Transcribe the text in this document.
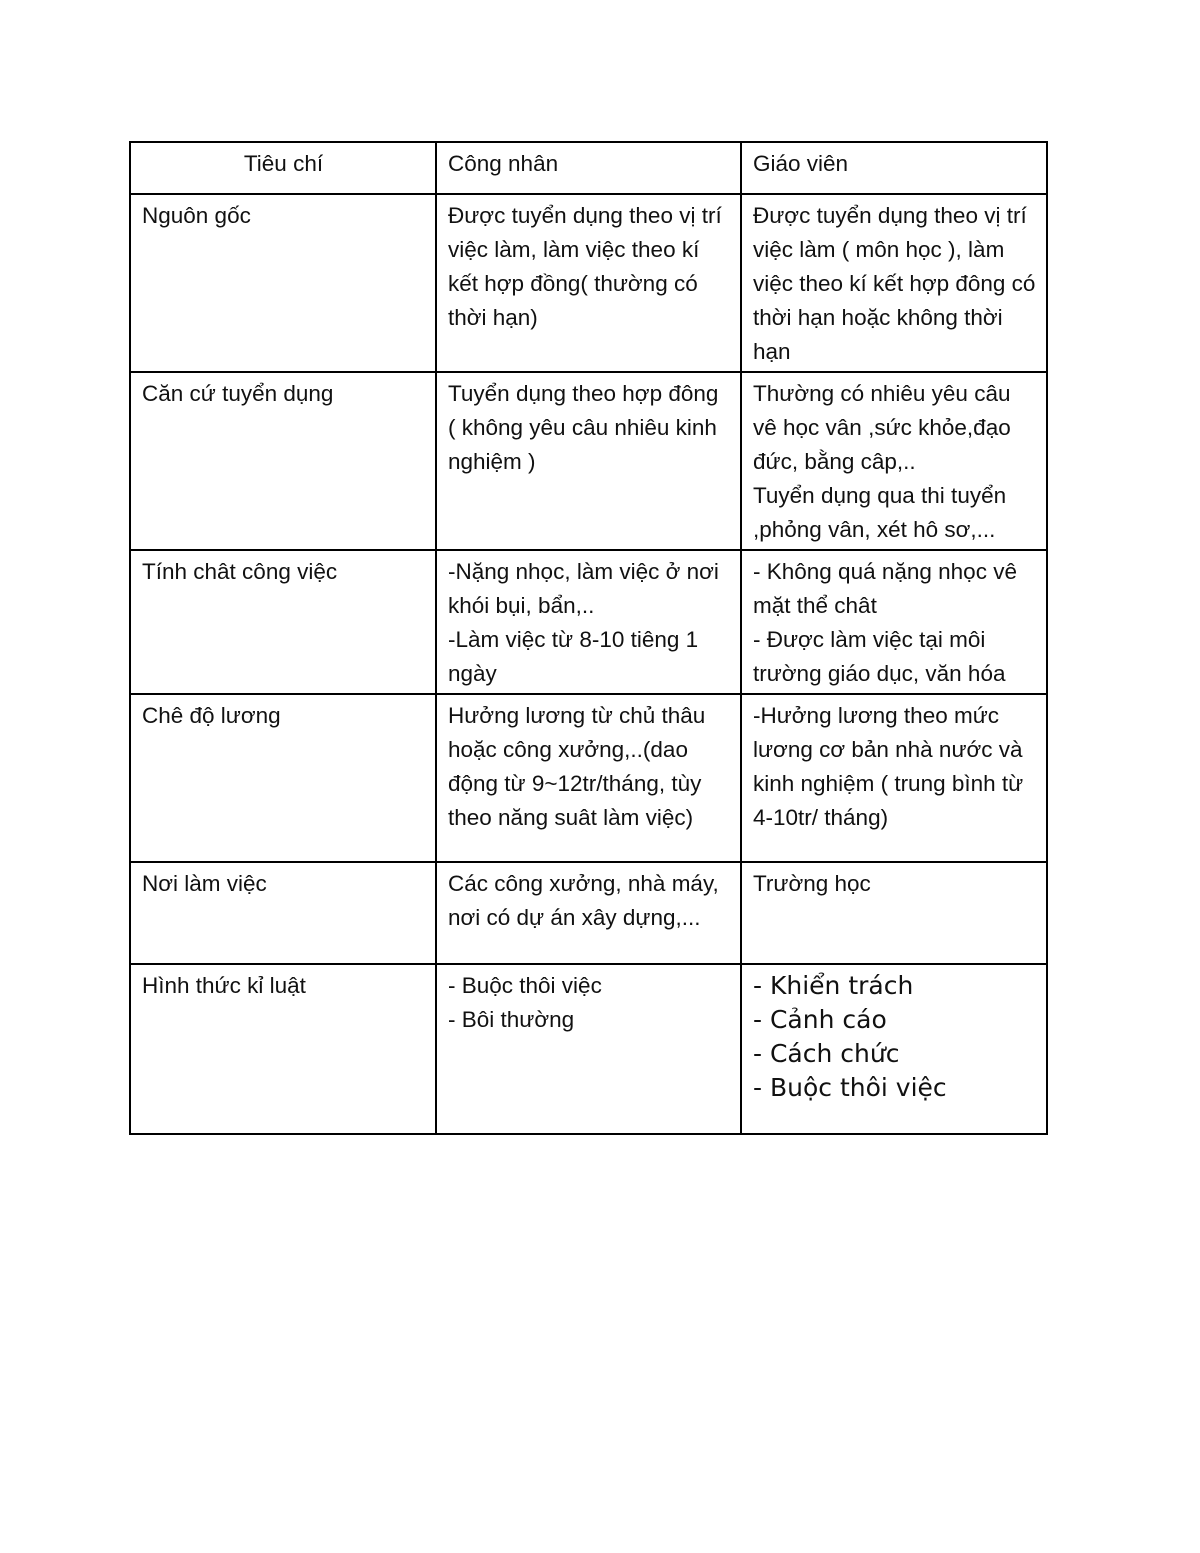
Tiêu chí	Công nhân	Giáo viên
Nguôn gốc	Được tuyển dụng theo vị trí việc làm, làm việc theo kí kết hợp đồng( thường có thời hạn)	Được tuyển dụng theo vị trí việc làm ( môn học ), làm việc theo kí kết hợp đông có thời hạn hoặc không thời hạn

Căn cứ tuyển dụng	Tuyển dụng theo hợp đông ( không yêu câu nhiêu kinh nghiệm )	Thường có nhiêu yêu câu vê học vân ,sức khỏe,đạo đức, bằng câp,..
Tuyển dụng qua thi tuyển ,phỏng vân, xét hô sơ,...

Tính chât công việc	-Nặng nhọc, làm việc ở nơi khói bụi, bẩn,..
-Làm việc từ 8-10 tiêng 1 ngày	- Không quá nặng nhọc vê mặt thể chât
- Được làm việc tại môi trường giáo dục, văn hóa

Chê độ lương	Hưởng lương từ chủ thâu hoặc công xưởng,..(dao động từ 9~12tr/tháng, tùy theo năng suât làm việc)	-Hưởng lương theo mức lương cơ bản nhà nước và kinh nghiệm ( trung bình từ 4-10tr/ tháng)

Nơi làm việc	Các công xưởng, nhà máy, nơi có dự án xây dựng,...	Trường học

Hình thức kỉ luật	- Buộc thôi việc
- Bôi thường	- Khiển trách
- Cảnh cáo
- Cách chức
- Buộc thôi việc
